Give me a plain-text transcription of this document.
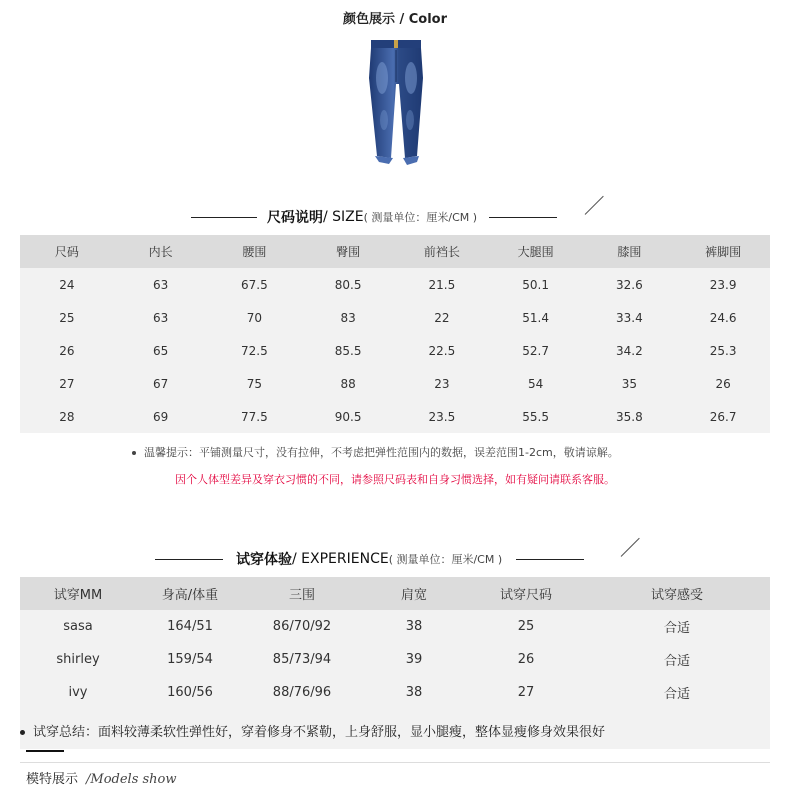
颜色展示 / Color
尺码说明 / SIZE ( 测量单位：厘米/CM )
尺码	内长	腰围	臀围	前裆长	大腿围	膝围	裤脚围
24	63	67.5	80.5	21.5	50.1	32.6	23.9
25	63	70	83	22	51.4	33.4	24.6
26	65	72.5	85.5	22.5	52.7	34.2	25.3
27	67	75	88	23	54	35	26
28	69	77.5	90.5	23.5	55.5	35.8	26.7
温馨提示：平铺测量尺寸，没有拉伸，不考虑把弹性范围内的数据，误差范围1-2cm，敬请谅解。
因个人体型差异及穿衣习惯的不同，请参照尺码表和自身习惯选择，如有疑问请联系客服。
试穿体验 / EXPERIENCE ( 测量单位：厘米/CM )
试穿MM	身高/体重	三围	肩宽	试穿尺码	试穿感受
sasa	164/51	86/70/92	38	25	合适
shirley	159/54	85/73/94	39	26	合适
ivy	160/56	88/76/96	38	27	合适
试穿总结：面料较薄柔软性弹性好，穿着修身不紧勒，上身舒服，显小腿瘦，整体显瘦修身效果很好
模特展示 /Models show
